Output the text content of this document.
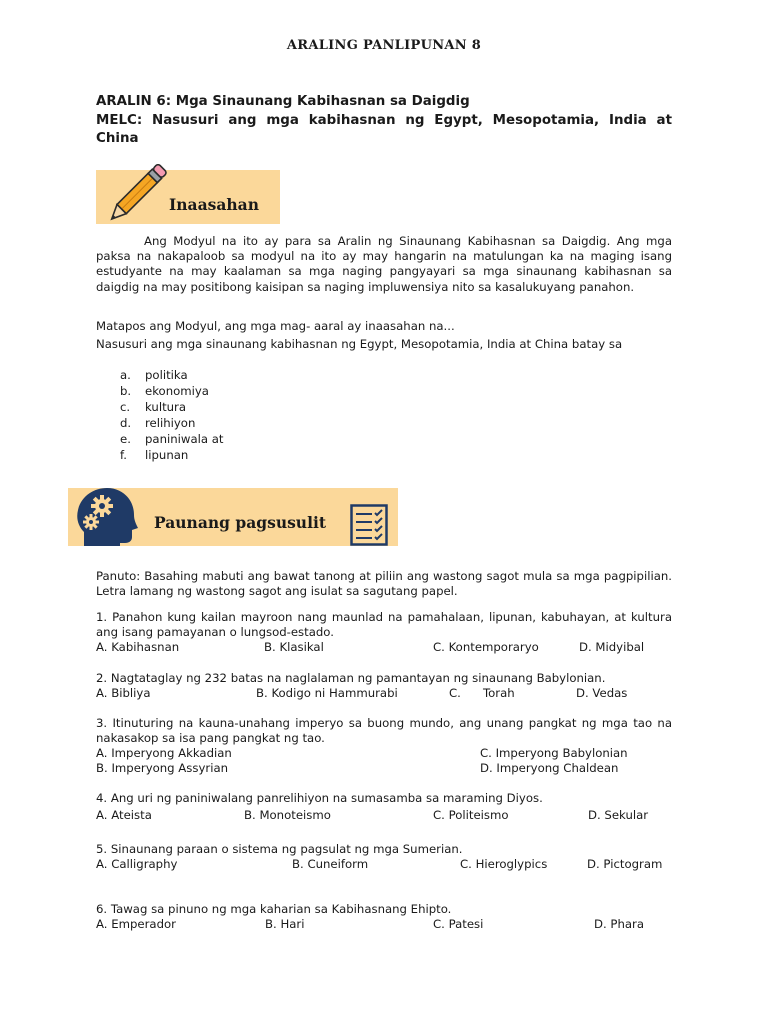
ARALING PANLIPUNAN 8
ARALIN 6: Mga Sinaunang Kabihasnan sa Daigdig
MELC: Nasusuri ang mga kabihasnan ng Egypt, Mesopotamia, India at China
Inaasahan
Ang Modyul na ito ay para sa Aralin ng Sinaunang Kabihasnan sa Daigdig. Ang mga paksa na nakapaloob sa modyul na ito ay may hangarin na matulungan ka na maging isang estudyante na may kaalaman sa mga naging pangyayari sa mga sinaunang kabihasnan sa daigdig na may positibong kaisipan sa naging impluwensiya nito sa kasalukuyang panahon.
Matapos ang Modyul, ang mga mag- aaral ay inaasahan na...
Nasusuri ang mga sinaunang kabihasnan ng Egypt, Mesopotamia, India at China batay sa
a. politika
b. ekonomiya
c. kultura
d. relihiyon
e. paniniwala at
f. lipunan
Paunang pagsusulit
Panuto: Basahing mabuti ang bawat tanong at piliin ang wastong sagot mula sa mga pagpipilian. Letra lamang ng wastong sagot ang isulat sa sagutang papel.
1. Panahon kung kailan mayroon nang maunlad na pamahalaan, lipunan, kabuhayan, at kultura ang isang pamayanan o lungsod-estado.
A. Kabihasnan	B. Klasikal	C. Kontemporaryo	D. Midyibal
2. Nagtataglay ng 232 batas na naglalaman ng pamantayan ng sinaunang Babylonian.
A. Bibliya	B. Kodigo ni Hammurabi	C. Torah	D. Vedas
3. Itinuturing na kauna-unahang imperyo sa buong mundo, ang unang pangkat ng mga tao na nakasakop sa isa pang pangkat ng tao.
A. Imperyong Akkadian	C. Imperyong Babylonian
B. Imperyong Assyrian	D. Imperyong Chaldean
4. Ang uri ng paniniwalang panrelihiyon na sumasamba sa maraming Diyos.
A. Ateista	B. Monoteismo	C. Politeismo	D. Sekular
5. Sinaunang paraan o sistema ng pagsulat ng mga Sumerian.
A. Calligraphy	B. Cuneiform	C. Hieroglypics	D. Pictogram
6. Tawag sa pinuno ng mga kaharian sa Kabihasnang Ehipto.
A. Emperador	B. Hari	C. Patesi	D. Phara
